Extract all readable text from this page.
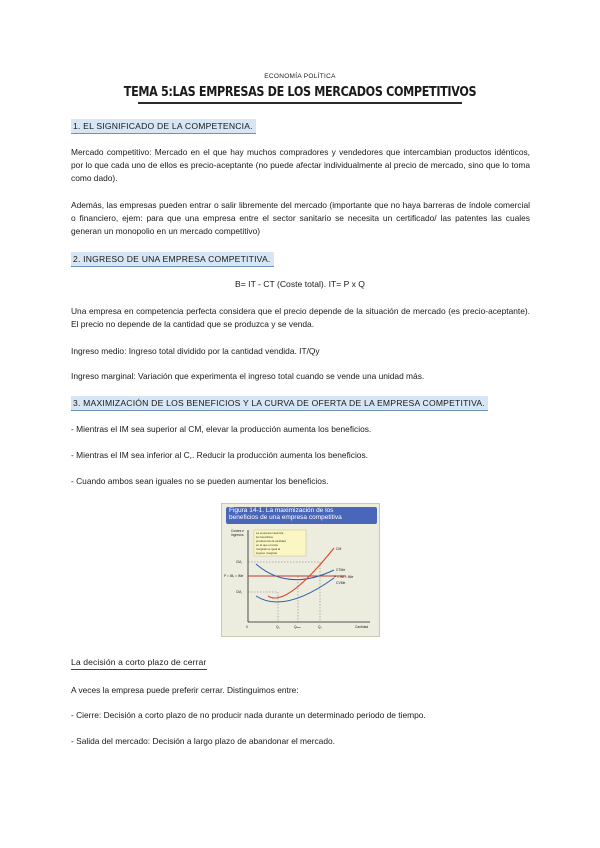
ECONOMÍA POLÍTICA
TEMA 5:LAS EMPRESAS DE LOS MERCADOS COMPETITIVOS
1. EL SIGNIFICADO DE LA COMPETENCIA.
Mercado competitivo: Mercado en el que hay muchos compradores y vendedores que intercambian productos idénticos, por lo que cada uno de ellos es precio-aceptante (no puede afectar individualmente al precio de mercado, sino que lo toma como dado).
Además, las empresas pueden entrar o salir libremente del mercado (importante que no haya barreras de índole comercial o financiero, ejem: para que una empresa entre el sector sanitario se necesita un certificado/ las patentes las cuales generan un monopolio en un mercado competitivo)
2. INGRESO DE UNA EMPRESA COMPETITIVA.
B= IT - CT (Coste total). IT= P x Q
Una empresa en competencia perfecta considera que el precio depende de la situación de mercado (es precio-aceptante). El precio no depende de la cantidad que se produzca y se venda.
Ingreso medio: Ingreso total dividido por la cantidad vendida. IT/Qy
Ingreso marginal: Variación que experimenta el ingreso total cuando se vende una unidad más.
3. MAXIMIZACIÓN DE LOS BENEFICIOS Y LA CURVA DE OFERTA DE LA EMPRESA COMPETITIVA.
- Mientras el IM sea superior al CM, elevar la producción aumenta los beneficios.
- Mientras el IM sea inferior al C,. Reducir la producción aumenta los beneficios.
- Cuando ambos sean iguales no se pueden aumentar los beneficios.
Figura 14-1. La maximización de los
beneficios de una empresa competitiva
Costes e
ingresos
Cantidad
CM
CTMe
P = IM = IMe
CVMe
CM₂
P = IM₁ = IMe
CM₁
0	Q₁	Qₘₐₓ	Q₂
La empresa maximiza
los beneficios
produciendo la cantidad
en la que el coste
marginal es igual al
ingreso marginal.
La decisión a corto plazo de cerrar
A veces la empresa puede preferir cerrar. Distinguimos entre:
- Cierre: Decisión a corto plazo de no producir nada durante un determinado periodo de tiempo.
- Salida del mercado: Decisión a largo plazo de abandonar el mercado.
